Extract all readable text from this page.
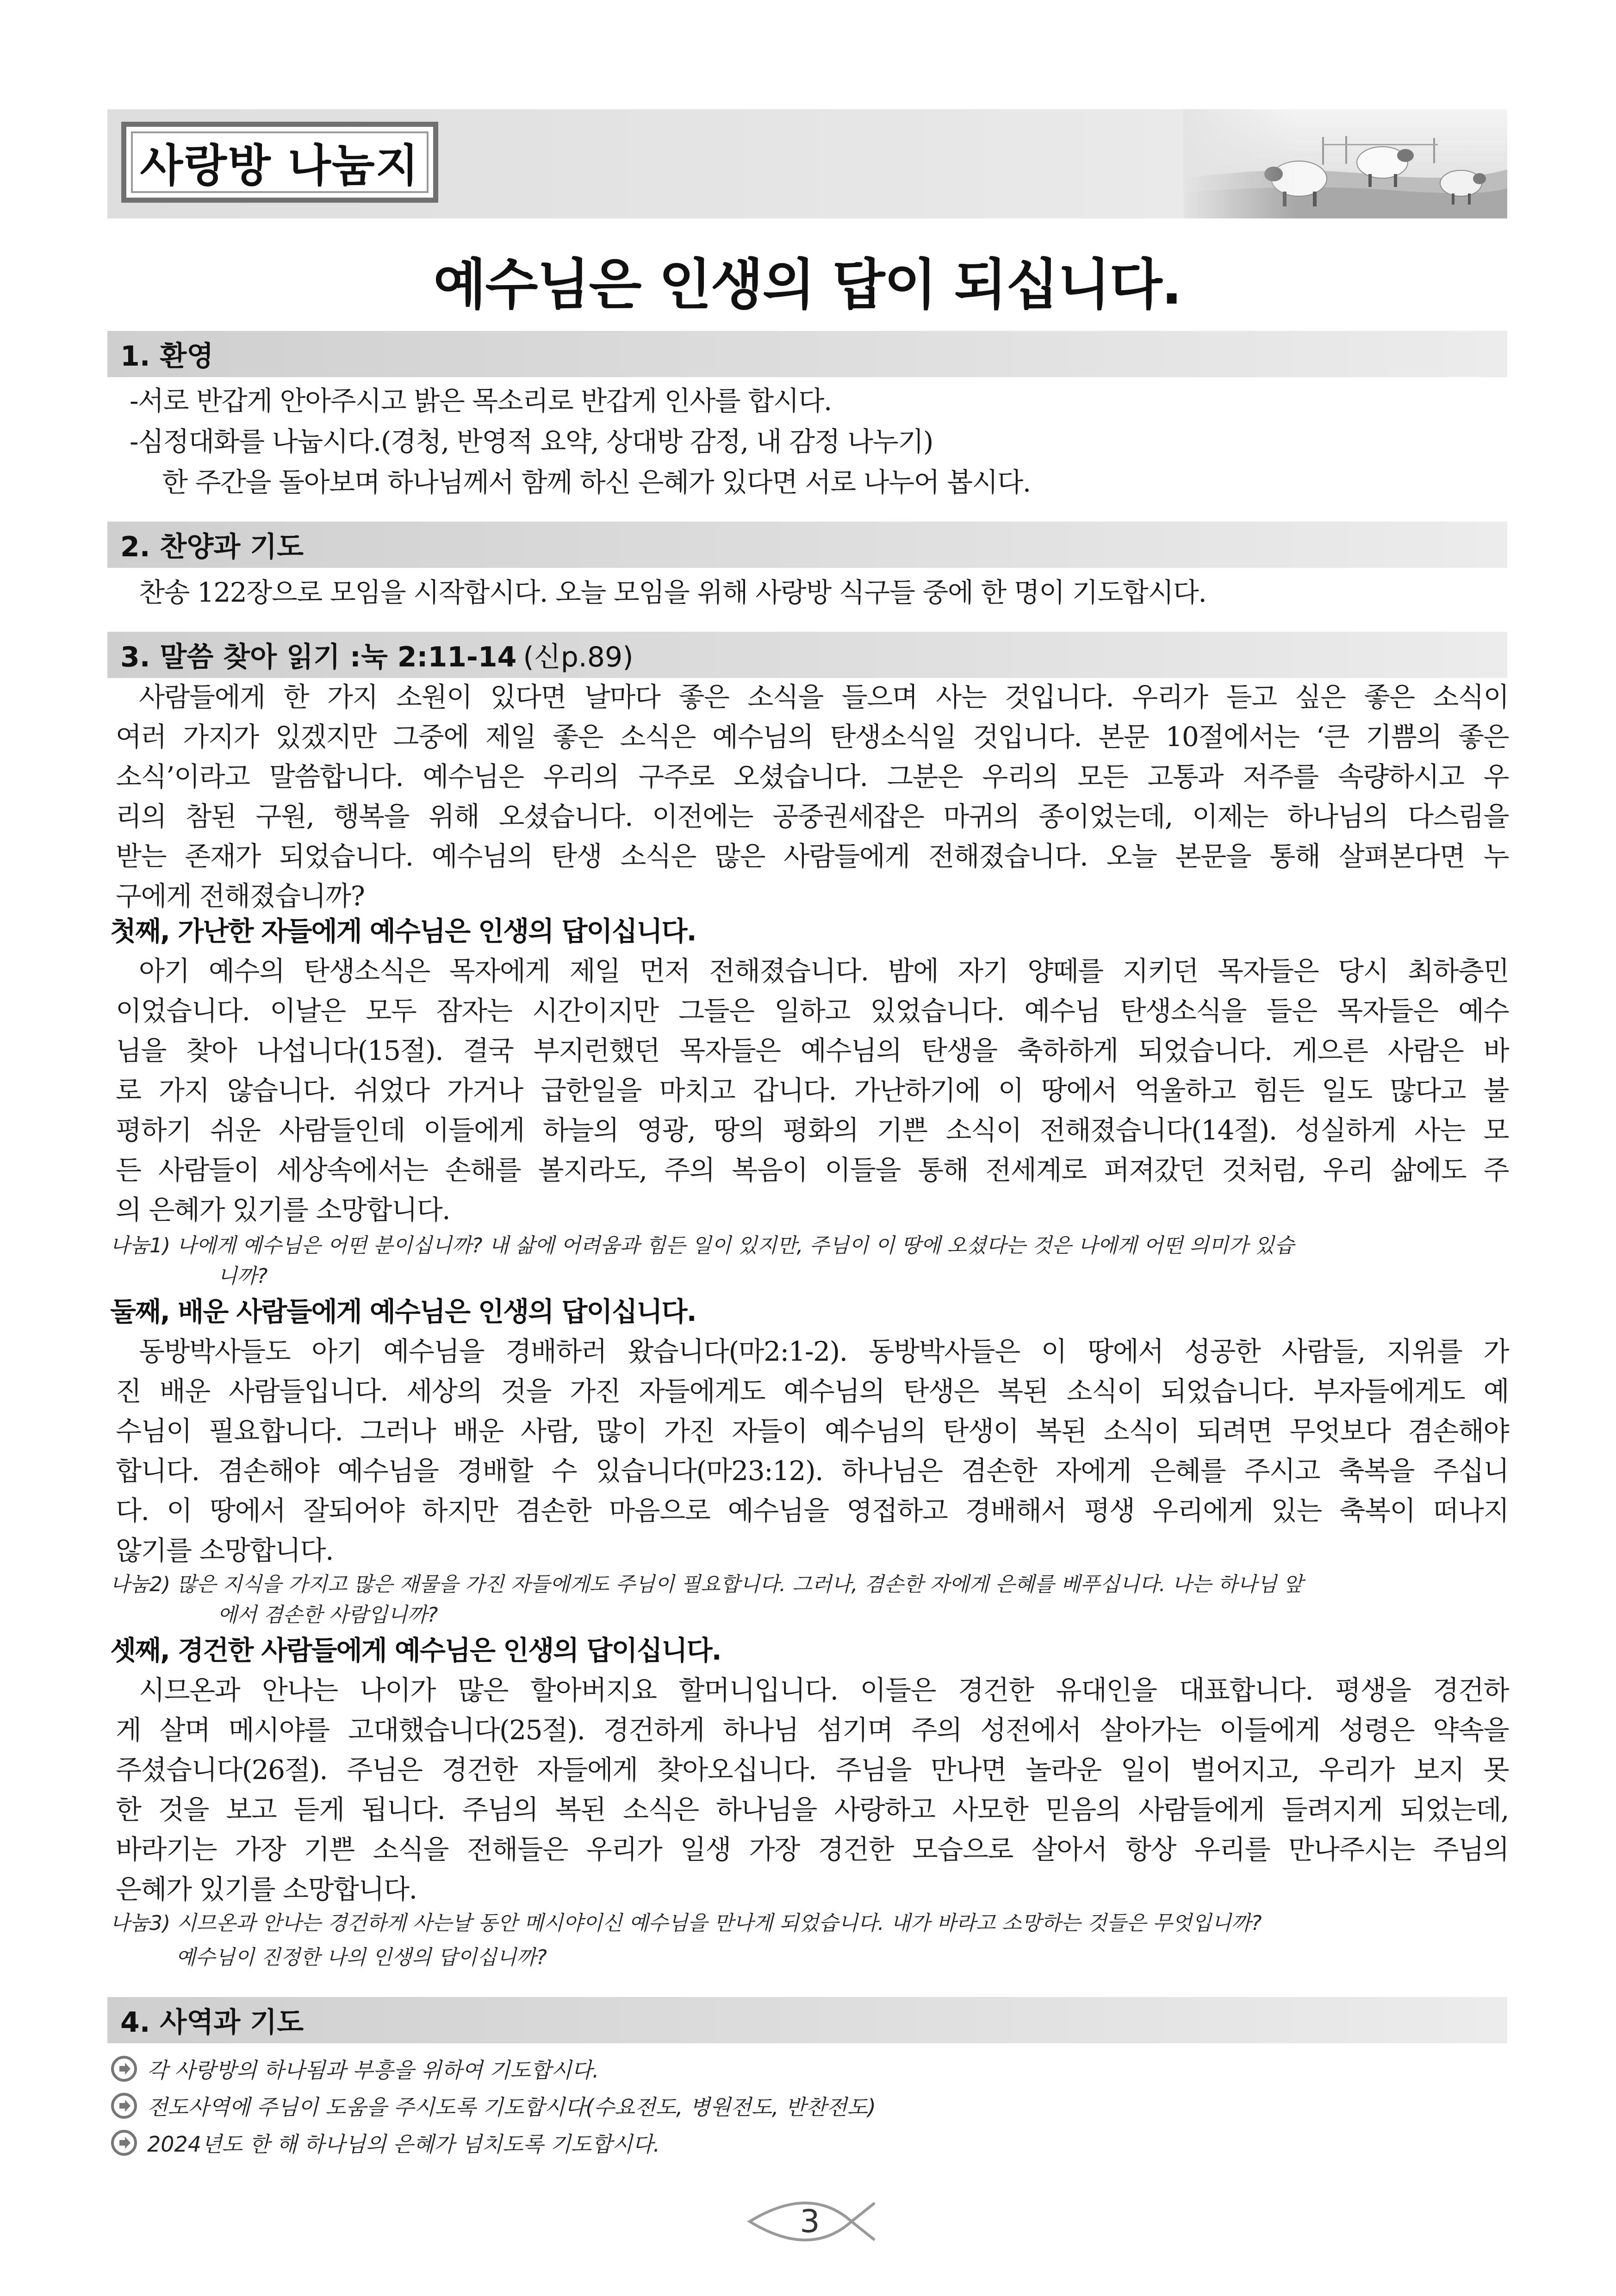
사랑방 나눔지
예수님은 인생의 답이 되십니다.
1. 환영
-서로 반갑게 안아주시고 밝은 목소리로 반갑게 인사를 합시다.
-심정대화를 나눕시다.(경청, 반영적 요약, 상대방 감정, 내 감정 나누기)
한 주간을 돌아보며 하나님께서 함께 하신 은혜가 있다면 서로 나누어 봅시다.
2. 찬양과 기도
찬송 122장으로 모임을 시작합시다. 오늘 모임을 위해 사랑방 식구들 중에 한 명이 기도합시다.
3. 말씀 찾아 읽기 :눅 2:11-14 (신p.89)
사람들에게 한 가지 소원이 있다면 날마다 좋은 소식을 들으며 사는 것입니다. 우리가 듣고 싶은 좋은 소식이
여러 가지가 있겠지만 그중에 제일 좋은 소식은 예수님의 탄생소식일 것입니다. 본문 10절에서는 ‘큰 기쁨의 좋은
소식’이라고 말씀합니다. 예수님은 우리의 구주로 오셨습니다. 그분은 우리의 모든 고통과 저주를 속량하시고 우
리의 참된 구원, 행복을 위해 오셨습니다. 이전에는 공중권세잡은 마귀의 종이었는데, 이제는 하나님의 다스림을
받는 존재가 되었습니다. 예수님의 탄생 소식은 많은 사람들에게 전해졌습니다. 오늘 본문을 통해 살펴본다면 누
구에게 전해졌습니까?
첫째, 가난한 자들에게 예수님은 인생의 답이십니다.
아기 예수의 탄생소식은 목자에게 제일 먼저 전해졌습니다. 밤에 자기 양떼를 지키던 목자들은 당시 최하층민
이었습니다. 이날은 모두 잠자는 시간이지만 그들은 일하고 있었습니다. 예수님 탄생소식을 들은 목자들은 예수
님을 찾아 나섭니다(15절). 결국 부지런했던 목자들은 예수님의 탄생을 축하하게 되었습니다. 게으른 사람은 바
로 가지 않습니다. 쉬었다 가거나 급한일을 마치고 갑니다. 가난하기에 이 땅에서 억울하고 힘든 일도 많다고 불
평하기 쉬운 사람들인데 이들에게 하늘의 영광, 땅의 평화의 기쁜 소식이 전해졌습니다(14절). 성실하게 사는 모
든 사람들이 세상속에서는 손해를 볼지라도, 주의 복음이 이들을 통해 전세계로 퍼져갔던 것처럼, 우리 삶에도 주
의 은혜가 있기를 소망합니다.
나눔1) 나에게 예수님은 어떤 분이십니까? 내 삶에 어려움과 힘든 일이 있지만, 주님이 이 땅에 오셨다는 것은 나에게 어떤 의미가 있습
니까?
둘째, 배운 사람들에게 예수님은 인생의 답이십니다.
동방박사들도 아기 예수님을 경배하러 왔습니다(마2:1-2). 동방박사들은 이 땅에서 성공한 사람들, 지위를 가
진 배운 사람들입니다. 세상의 것을 가진 자들에게도 예수님의 탄생은 복된 소식이 되었습니다. 부자들에게도 예
수님이 필요합니다. 그러나 배운 사람, 많이 가진 자들이 예수님의 탄생이 복된 소식이 되려면 무엇보다 겸손해야
합니다. 겸손해야 예수님을 경배할 수 있습니다(마23:12). 하나님은 겸손한 자에게 은혜를 주시고 축복을 주십니
다. 이 땅에서 잘되어야 하지만 겸손한 마음으로 예수님을 영접하고 경배해서 평생 우리에게 있는 축복이 떠나지
않기를 소망합니다.
나눔2) 많은 지식을 가지고 많은 재물을 가진 자들에게도 주님이 필요합니다. 그러나, 겸손한 자에게 은혜를 베푸십니다. 나는 하나님 앞
에서 겸손한 사람입니까?
셋째, 경건한 사람들에게 예수님은 인생의 답이십니다.
시므온과 안나는 나이가 많은 할아버지요 할머니입니다. 이들은 경건한 유대인을 대표합니다. 평생을 경건하
게 살며 메시야를 고대했습니다(25절). 경건하게 하나님 섬기며 주의 성전에서 살아가는 이들에게 성령은 약속을
주셨습니다(26절). 주님은 경건한 자들에게 찾아오십니다. 주님을 만나면 놀라운 일이 벌어지고, 우리가 보지 못
한 것을 보고 듣게 됩니다. 주님의 복된 소식은 하나님을 사랑하고 사모한 믿음의 사람들에게 들려지게 되었는데,
바라기는 가장 기쁜 소식을 전해들은 우리가 일생 가장 경건한 모습으로 살아서 항상 우리를 만나주시는 주님의
은혜가 있기를 소망합니다.
나눔3) 시므온과 안나는 경건하게 사는날 동안 메시야이신 예수님을 만나게 되었습니다. 내가 바라고 소망하는 것들은 무엇입니까?
예수님이 진정한 나의 인생의 답이십니까?
4. 사역과 기도
각 사랑방의 하나됨과 부흥을 위하여 기도합시다.
전도사역에 주님이 도움을 주시도록 기도합시다(수요전도, 병원전도, 반찬전도)
2024년도 한 해 하나님의 은혜가 넘치도록 기도합시다.
3
